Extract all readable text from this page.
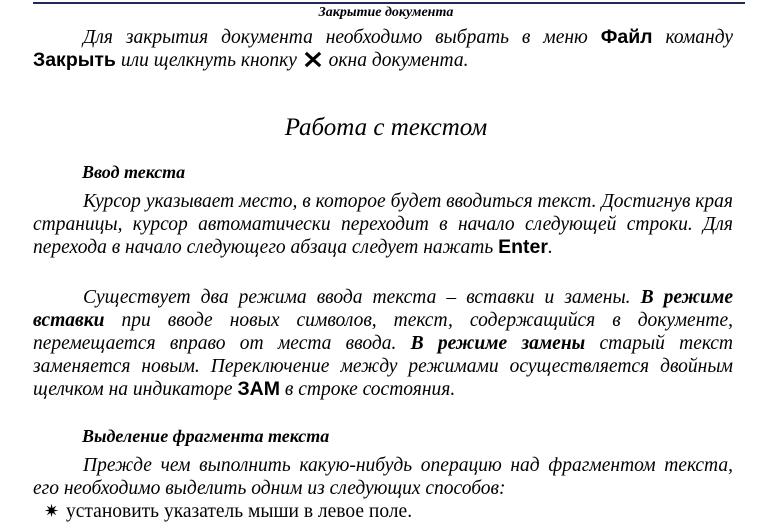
Закрытие документа

Для закрытия документа необходимо выбрать в меню Файл команду Закрыть или щелкнуть кнопку  окна документа.

Работа с текстом
Ввод текста

Курсор указывает место, в которое будет вводиться текст. Достигнув края страницы, курсор автоматически переходит в начало следующей строки. Для перехода в начало следующего абзаца следует нажать Enter.

Существует два режима ввода текста – вставки и замены. В режиме вставки при вводе новых символов, текст, содержащийся в документе, перемещается вправо от места ввода. В режиме замены старый текст заменяется новым. Переключение между режимами осуществляется двойным щелчком на индикаторе ЗАМ в строке состояния.

Выделение фрагмента текста

Прежде чем выполнить какую-нибудь операцию над фрагментом текста, его необходимо выделить одним из следующих способов:

✷ установить указатель мыши в левое поле.
